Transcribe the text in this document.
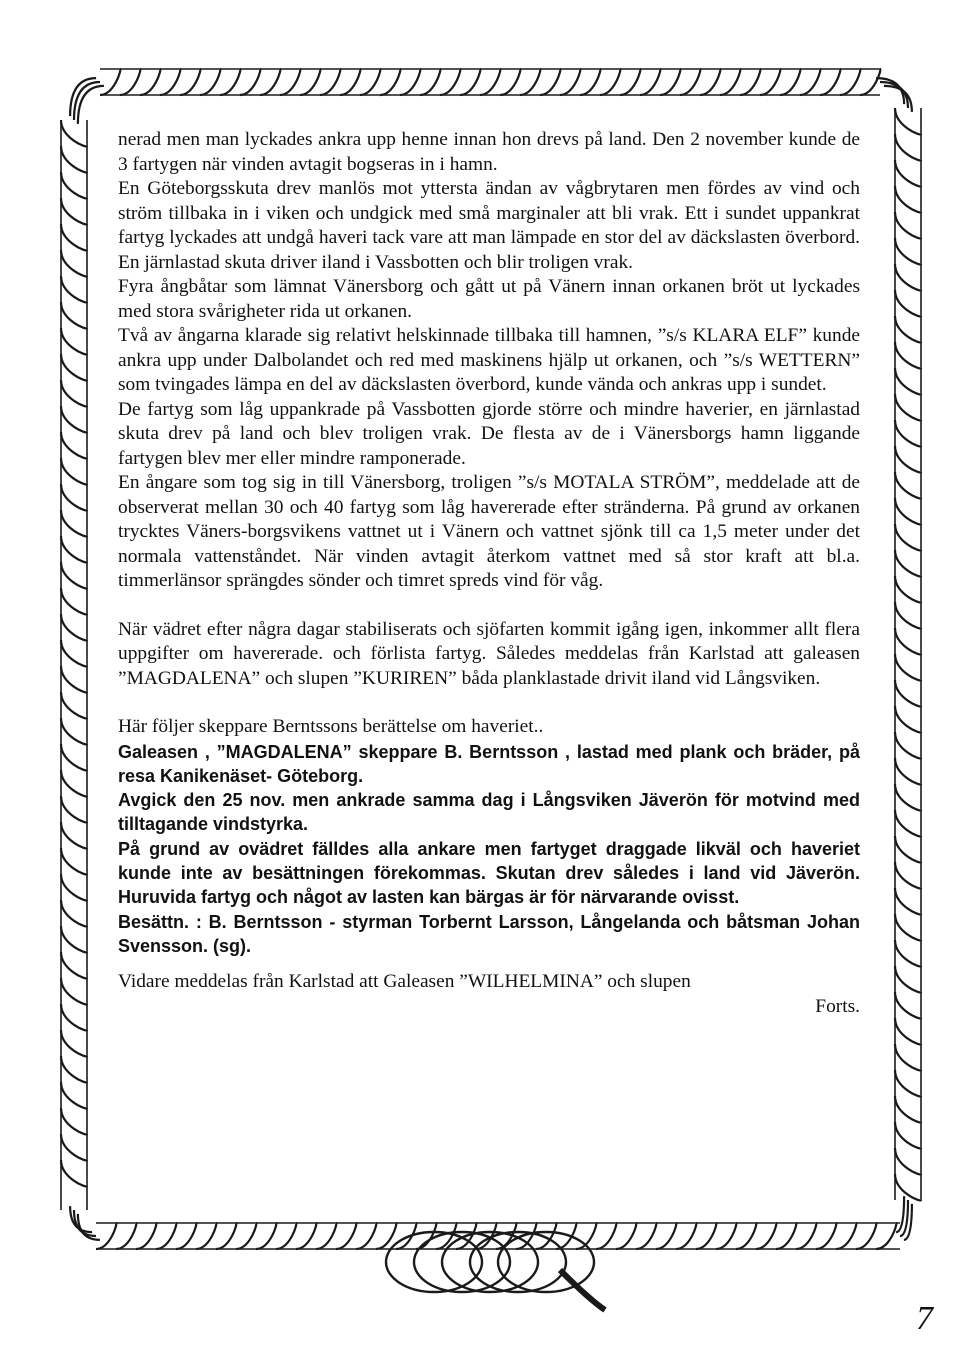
nerad men man lyckades ankra upp henne innan hon drevs på land. Den 2 november kunde de 3 fartygen när vinden avtagit bogseras in i hamn.

En Göteborgsskuta drev manlös mot yttersta ändan av vågbrytaren men fördes av vind och ström tillbaka in i viken och undgick med små marginaler att bli vrak. Ett i sundet uppankrat fartyg lyckades att undgå haveri tack vare att man lämpade en stor del av däckslasten överbord. En järnlastad skuta driver iland i Vassbotten och blir troligen vrak.

Fyra ångbåtar som lämnat Vänersborg och gått ut på Vänern innan orkanen bröt ut lyckades med stora svårigheter rida ut orkanen.

Två av ångarna klarade sig relativt helskinnade tillbaka till hamnen, ”s/s KLARA ELF” kunde ankra upp under Dalbolandet och red med maskinens hjälp ut orkanen, och ”s/s WETTERN” som tvingades lämpa en del av däckslasten överbord, kunde vända och ankras upp i sundet.

De fartyg som låg uppankrade på Vassbotten gjorde större och mindre haverier, en järnlastad skuta drev på land och blev troligen vrak. De flesta av de i Vänersborgs hamn liggande fartygen blev mer eller mindre ramponerade.

En ångare som tog sig in till Vänersborg, troligen ”s/s MOTALA STRÖM”, meddelade att de observerat mellan 30 och 40 fartyg som låg havererade efter stränderna. På grund av orkanen trycktes Väners-borgsvikens vattnet ut i Vänern och vattnet sjönk till ca 1,5 meter under det normala vattenståndet. När vinden avtagit återkom vattnet med så stor kraft att bl.a. timmerlänsor sprängdes sönder och timret spreds vind för våg.

När vädret efter några dagar stabiliserats och sjöfarten kommit igång igen, inkommer allt flera uppgifter om havererade. och förlista fartyg. Således meddelas från Karlstad att galeasen ”MAGDALENA” och slupen ”KURIREN” båda planklastade drivit iland vid Långsviken.

Här följer skeppare Berntssons berättelse om haveriet..

Galeasen , ”MAGDALENA” skeppare B. Berntsson , lastad med plank och bräder, på resa Kanikenäset- Göteborg.

Avgick den 25 nov. men ankrade samma dag i Långsviken Jäverön för motvind med tilltagande vindstyrka.

På grund av ovädret fälldes alla ankare men fartyget draggade likväl och haveriet kunde inte av besättningen förekommas. Skutan drev således i land vid Jäverön. Huruvida fartyg och något av lasten kan bärgas är för närvarande ovisst.

Besättn. : B. Berntsson - styrman Torbernt Larsson, Långelanda och båtsman Johan Svensson. (sg).

Vidare meddelas från Karlstad att Galeasen ”WILHELMINA” och slupen

Forts.

7
